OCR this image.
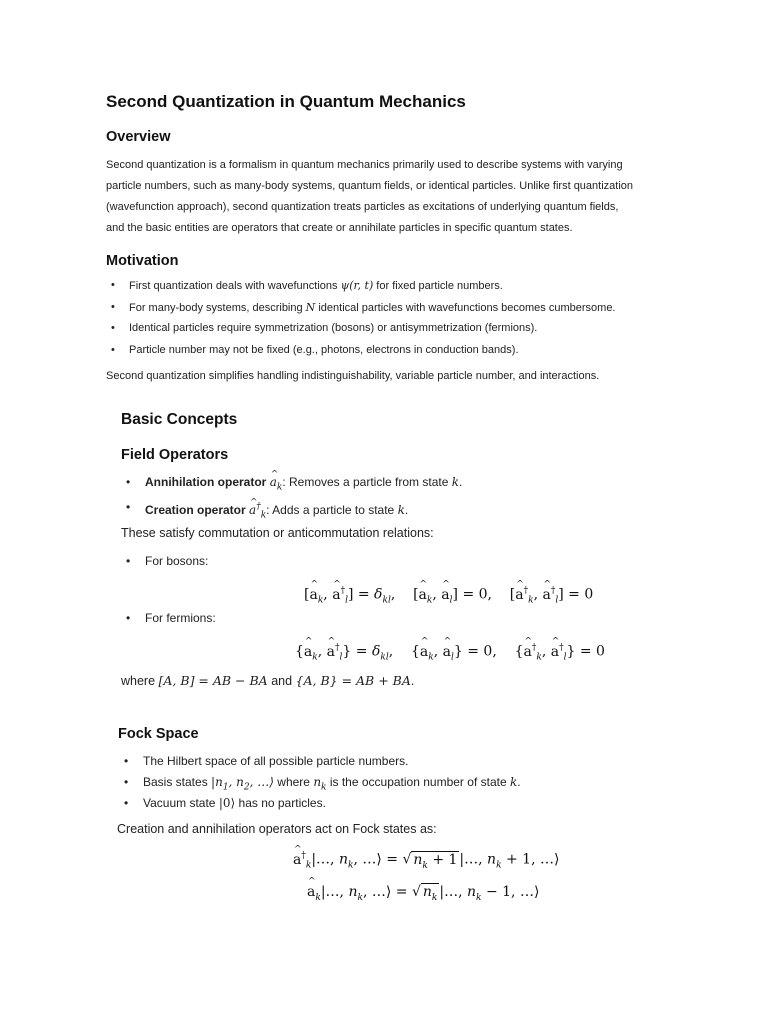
Second Quantization in Quantum Mechanics
Overview
Second quantization is a formalism in quantum mechanics primarily used to describe systems with varying
particle numbers, such as many-body systems, quantum fields, or identical particles. Unlike first quantization
(wavefunction approach), second quantization treats particles as excitations of underlying quantum fields,
and the basic entities are operators that create or annihilate particles in specific quantum states.
Motivation
• First quantization deals with wavefunctions ψ(r, t) for fixed particle numbers.
• For many-body systems, describing N identical particles with wavefunctions becomes cumbersome.
• Identical particles require symmetrization (bosons) or antisymmetrization (fermions).
• Particle number may not be fixed (e.g., photons, electrons in conduction bands).
Second quantization simplifies handling indistinguishability, variable particle number, and interactions.
Basic Concepts
Field Operators
• Annihilation operator a $\^{}_k$: Removes a particle from state k.
• Creation operator a $\^{}^\dagger_k$: Adds a particle to state k.
These satisfy commutation or anticommutation relations:
• For bosons:
[a $\^{}_k$, a $\^{}^\dagger_l] = \delta_{kl}$,    [a $\^{}_k$, a $\^{}_l] = 0$,    [a $\^{}^\dagger_k$, a $\^{}^\dagger_l] = 0$
• For fermions:
{a $\^{}_k$, a $\^{}^\dagger_l\} = \delta_{kl}$,    {a $\^{}_k$, a $\^{}_l\} = 0$,    {a $\^{}^\dagger_k$, a $\^{}^\dagger_l\} = 0$
where [A, B] = AB − BA and {A, B} = AB + BA.
Fock Space
• The Hilbert space of all possible particle numbers.
• Basis states $|n_1$, $n_2$, …⟩ where $n_k$ is the occupation number of state k.
• Vacuum state |0⟩ has no particles.
Creation and annihilation operators act on Fock states as:
a $\^{}^\dagger_k|\dots$, $n_k$, …⟩ = √ $n_k + 1$ |…, $n_k + 1$, …⟩
a $\^{}_k|\dots$, $n_k$, …⟩ = √ $n_k$ |…, $n_k - 1$, …⟩
